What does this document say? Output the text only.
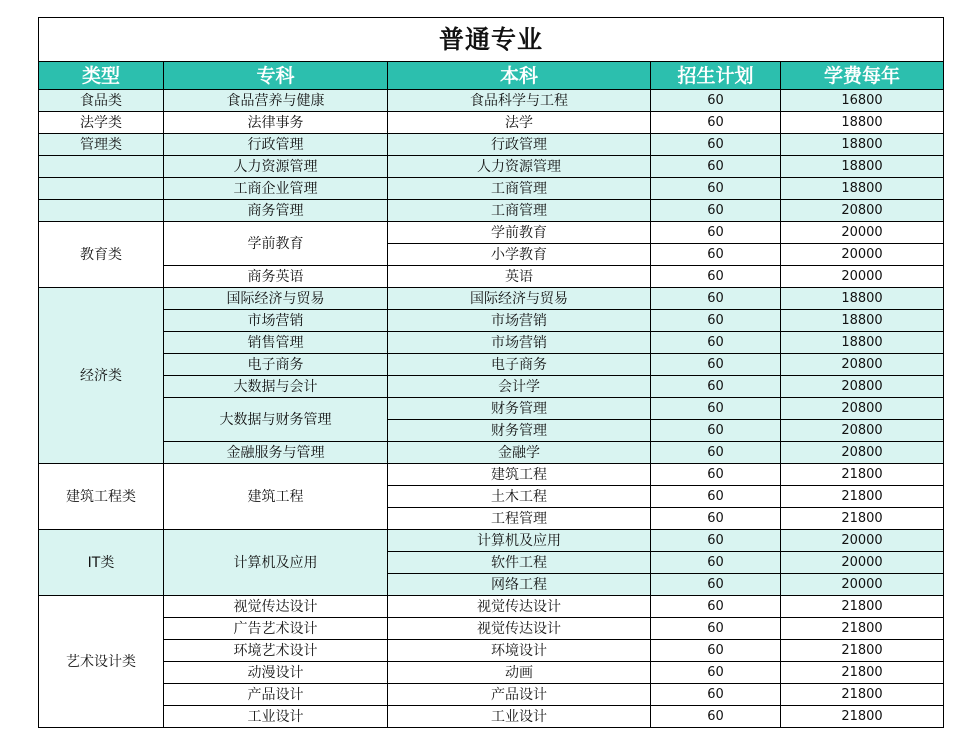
普通专业				
类型	专科	本科	招生计划	学费每年
食品类	食品营养与健康	食品科学与工程	60	16800
法学类	法律事务	法学	60	18800
管理类	行政管理	行政管理	60	18800
	人力资源管理	人力资源管理	60	18800
	工商企业管理	工商管理	60	18800
	商务管理	工商管理	60	20800
教育类	学前教育	学前教育	60	20000
		小学教育	60	20000
	商务英语	英语	60	20000
经济类	国际经济与贸易	国际经济与贸易	60	18800
	市场营销	市场营销	60	18800
	销售管理	市场营销	60	18800
	电子商务	电子商务	60	20800
	大数据与会计	会计学	60	20800
	大数据与财务管理	财务管理	60	20800
		财务管理	60	20800
	金融服务与管理	金融学	60	20800
建筑工程类	建筑工程	建筑工程	60	21800
		土木工程	60	21800
		工程管理	60	21800
IT类	计算机及应用	计算机及应用	60	20000
		软件工程	60	20000
		网络工程	60	20000
艺术设计类	视觉传达设计	视觉传达设计	60	21800
	广告艺术设计	视觉传达设计	60	21800
	环境艺术设计	环境设计	60	21800
	动漫设计	动画	60	21800
	产品设计	产品设计	60	21800
	工业设计	工业设计	60	21800
